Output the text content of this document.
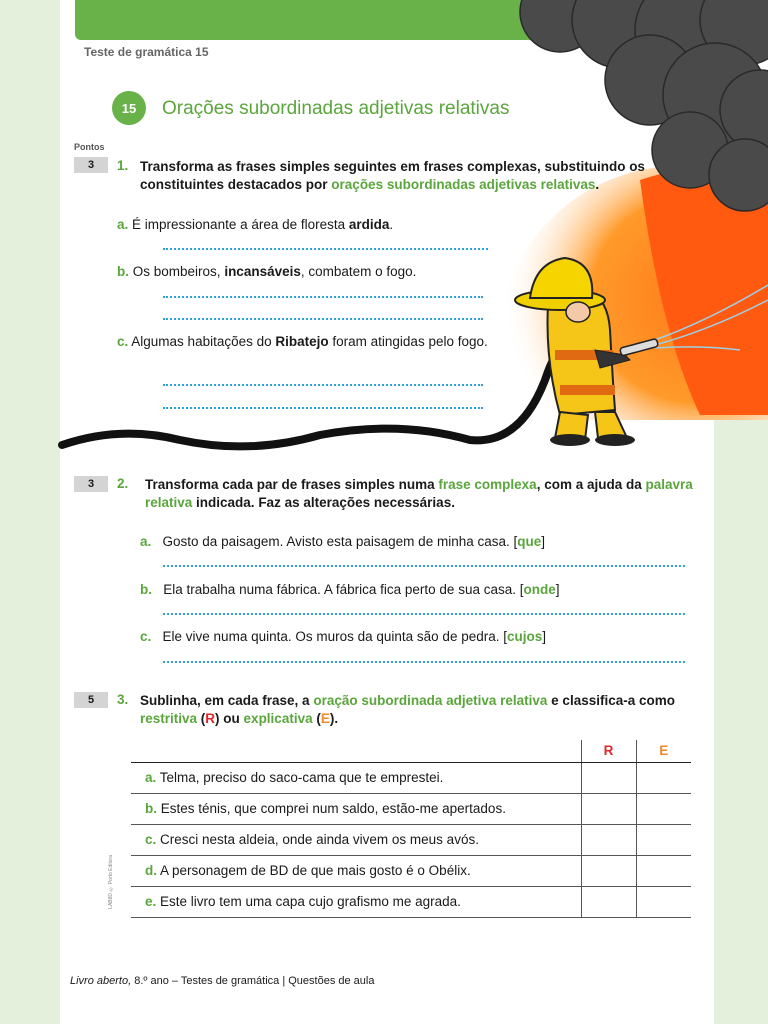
Teste de gramática 15
15	Orações subordinadas adjetivas relativas
Pontos
3	1. Transforma as frases simples seguintes em frases complexas, substituindo os constituintes destacados por orações subordinadas adjetivas relativas.
a. É impressionante a área de floresta ardida.
b. Os bombeiros, incansáveis, combatem o fogo.
c. Algumas habitações do Ribatejo foram atingidas pelo fogo.
3	2. Transforma cada par de frases simples numa frase complexa, com a ajuda da palavra relativa indicada. Faz as alterações necessárias.
a. Gosto da paisagem. Avisto esta paisagem de minha casa. [que]
b. Ela trabalha numa fábrica. A fábrica fica perto de sua casa. [onde]
c. Ele vive numa quinta. Os muros da quinta são de pedra. [cujos]
5	3. Sublinha, em cada frase, a oração subordinada adjetiva relativa e classifica-a como restritiva (R) ou explicativa (E).
	R	E
a. Telma, preciso do saco-cama que te emprestei.		
b. Estes ténis, que comprei num saldo, estão-me apertados.		
c. Cresci nesta aldeia, onde ainda vivem os meus avós.		
d. A personagem de BD de que mais gosto é o Obélix.		
e. Este livro tem uma capa cujo grafismo me agrada.		
LAB8D © Porto Editora
Livro aberto, 8.º ano – Testes de gramática | Questões de aula
